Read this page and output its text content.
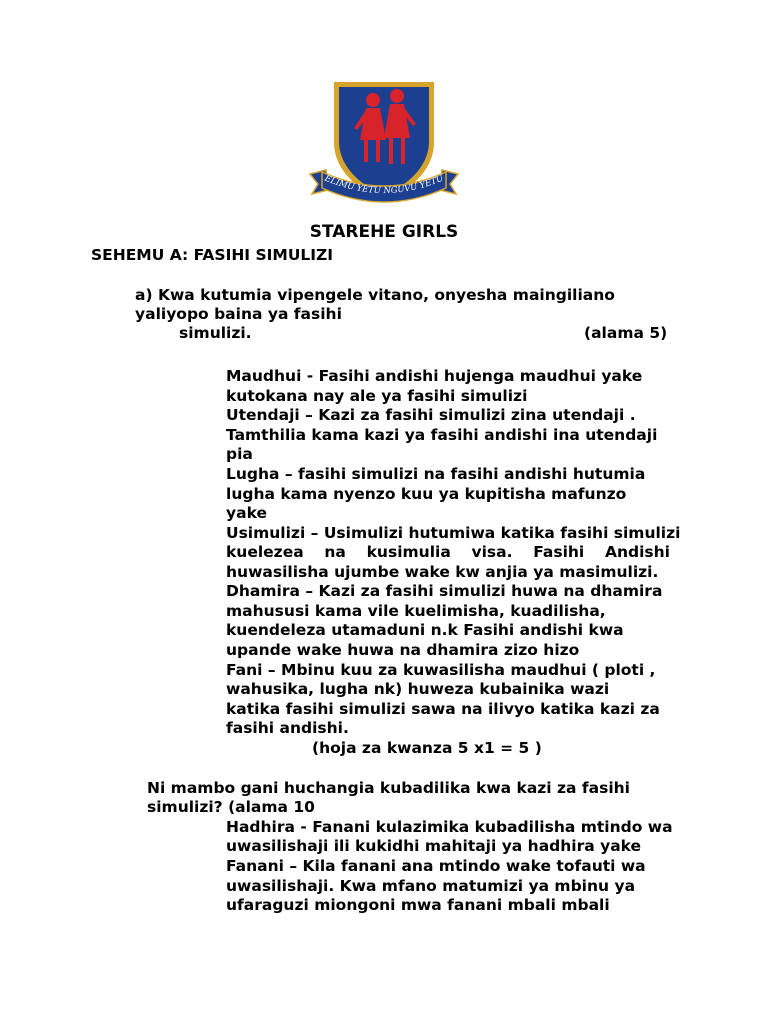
ELIMU YETU NGUVU YETU
STAREHE GIRLS
SEHEMU A: FASIHI SIMULIZI
a) Kwa kutumia vipengele vitano, onyesha maingiliano
yaliyopo baina ya fasihi
simulizi.	(alama 5)
Maudhui - Fasihi andishi hujenga maudhui yake
kutokana nay ale ya fasihi simulizi
Utendaji – Kazi za fasihi simulizi zina utendaji .
Tamthilia kama kazi ya fasihi andishi ina utendaji
pia
Lugha – fasihi simulizi na fasihi andishi hutumia
lugha kama nyenzo kuu ya kupitisha mafunzo
yake
Usimulizi – Usimulizi hutumiwa katika fasihi simulizi
kuelezea na kusimulia visa. Fasihi Andishi
huwasilisha ujumbe wake kw anjia ya masimulizi.
Dhamira – Kazi za fasihi simulizi huwa na dhamira
mahususi kama vile kuelimisha, kuadilisha,
kuendeleza utamaduni n.k Fasihi andishi kwa
upande wake huwa na dhamira zizo hizo
Fani – Mbinu kuu za kuwasilisha maudhui ( ploti ,
wahusika, lugha nk) huweza kubainika wazi
katika fasihi simulizi sawa na ilivyo katika kazi za
fasihi andishi.
(hoja za kwanza 5 x1 = 5 )
Ni mambo gani huchangia kubadilika kwa kazi za fasihi
simulizi? (alama 10
Hadhira - Fanani kulazimika kubadilisha mtindo wa
uwasilishaji ili kukidhi mahitaji ya hadhira yake
Fanani – Kila fanani ana mtindo wake tofauti wa
uwasilishaji. Kwa mfano matumizi ya mbinu ya
ufaraguzi miongoni mwa fanani mbali mbali
